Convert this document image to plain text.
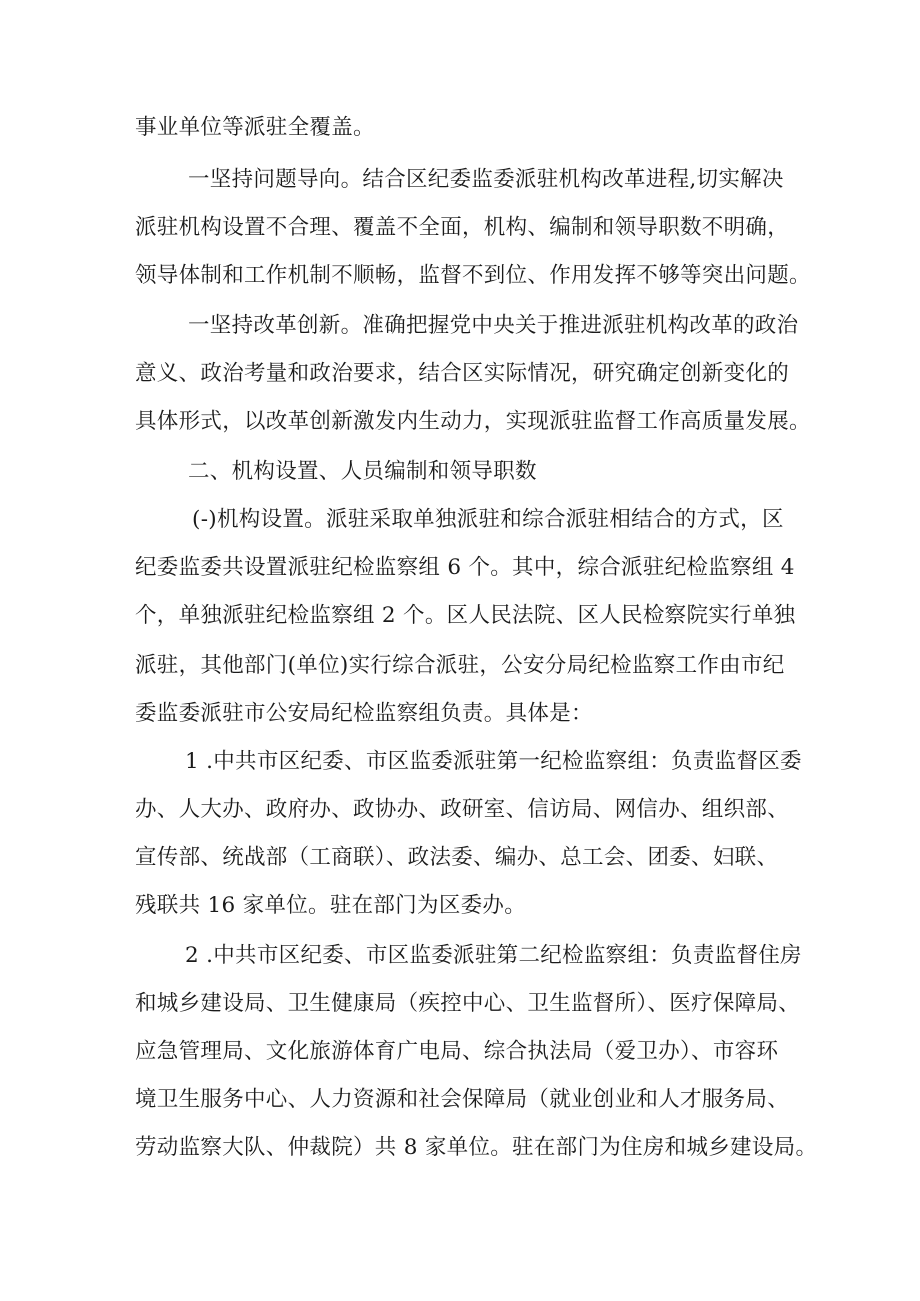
事业单位等派驻全覆盖。
一坚持问题导向。结合区纪委监委派驻机构改革进程,切实解决
派驻机构设置不合理、覆盖不全面，机构、编制和领导职数不明确，
领导体制和工作机制不顺畅，监督不到位、作用发挥不够等突出问题。
一坚持改革创新。准确把握党中央关于推进派驻机构改革的政治
意义、政治考量和政治要求，结合区实际情况，研究确定创新变化的
具体形式，以改革创新激发内生动力，实现派驻监督工作高质量发展。
二、机构设置、人员编制和领导职数
(-)机构设置。派驻采取单独派驻和综合派驻相结合的方式，区
纪委监委共设置派驻纪检监察组 6 个。其中，综合派驻纪检监察组 4
个，单独派驻纪检监察组 2 个。区人民法院、区人民检察院实行单独
派驻，其他部门(单位)实行综合派驻，公安分局纪检监察工作由市纪
委监委派驻市公安局纪检监察组负责。具体是：
1 .中共市区纪委、市区监委派驻第一纪检监察组：负责监督区委
办、人大办、政府办、政协办、政研室、信访局、网信办、组织部、
宣传部、统战部（工商联）、政法委、编办、总工会、团委、妇联、
残联共 16 家单位。驻在部门为区委办。
2 .中共市区纪委、市区监委派驻第二纪检监察组：负责监督住房
和城乡建设局、卫生健康局（疾控中心、卫生监督所）、医疗保障局、
应急管理局、文化旅游体育广电局、综合执法局（爱卫办）、市容环
境卫生服务中心、人力资源和社会保障局（就业创业和人才服务局、
劳动监察大队、仲裁院）共 8 家单位。驻在部门为住房和城乡建设局。
